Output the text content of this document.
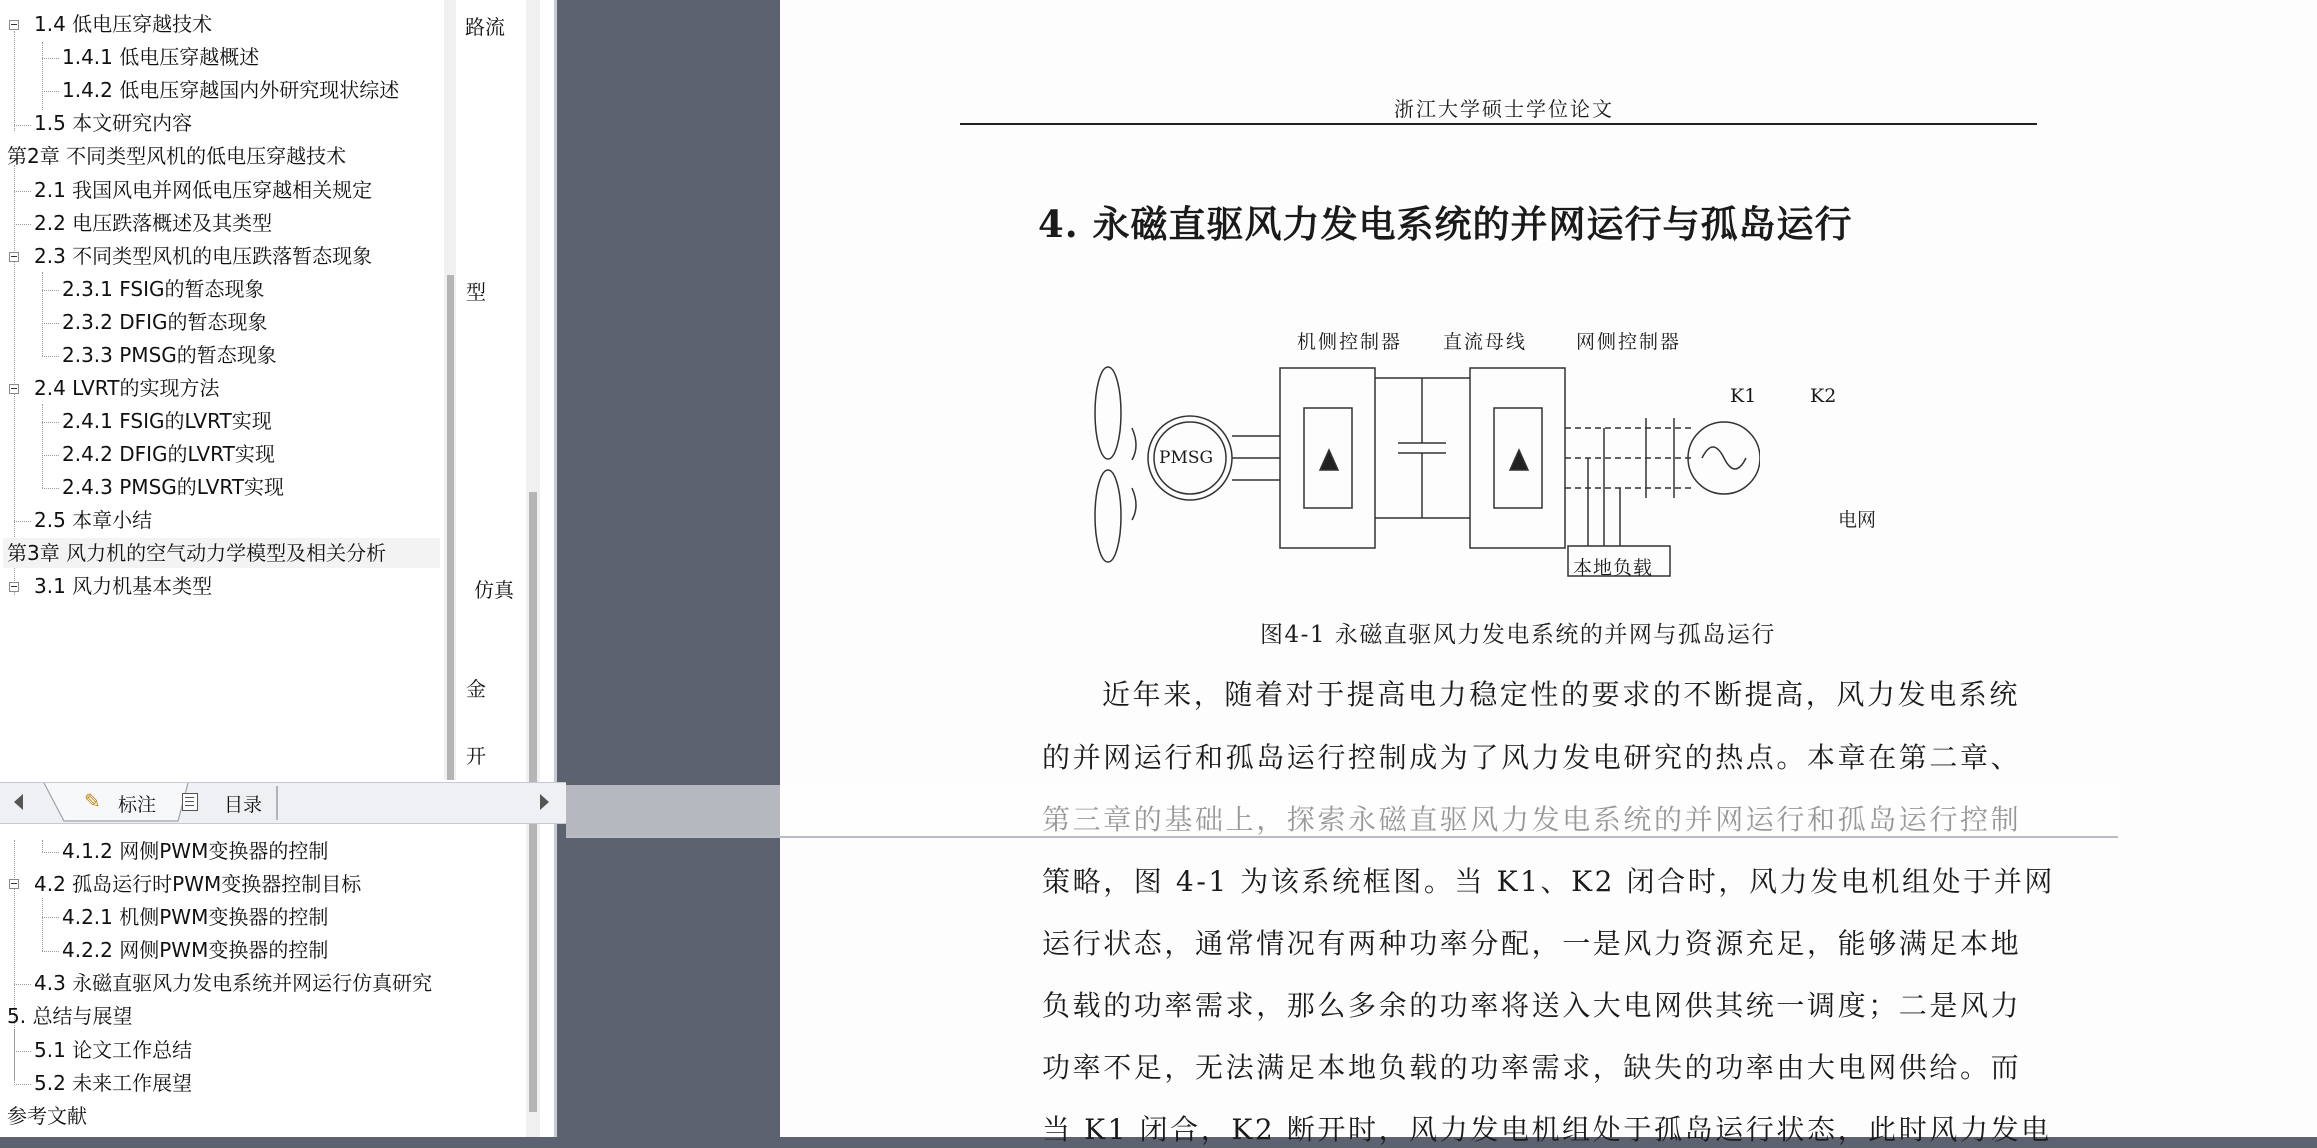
路流
型
仿真
金
开
1.4 低电压穿越技术
1.4.1 低电压穿越概述
1.4.2 低电压穿越国内外研究现状综述
1.5 本文研究内容
第2章 不同类型风机的低电压穿越技术
2.1 我国风电并网低电压穿越相关规定
2.2 电压跌落概述及其类型
2.3 不同类型风机的电压跌落暂态现象
2.3.1 FSIG的暂态现象
2.3.2 DFIG的暂态现象
2.3.3 PMSG的暂态现象
2.4 LVRT的实现方法
2.4.1 FSIG的LVRT实现
2.4.2 DFIG的LVRT实现
2.4.3 PMSG的LVRT实现
2.5 本章小结
第3章 风力机的空气动力学模型及相关分析
3.1 风力机基本类型
4.1.2 网侧PWM变换器的控制
4.2 孤岛运行时PWM变换器控制目标
4.2.1 机侧PWM变换器的控制
4.2.2 网侧PWM变换器的控制
4.3 永磁直驱风力发电系统并网运行仿真研究
5. 总结与展望
5.1 论文工作总结
5.2 未来工作展望
参考文献
浙江大学硕士学位论文
4. 永磁直驱风力发电系统的并网运行与孤岛运行
机侧控制器 直流母线	网侧控制器
K1	K2
PMSG
电网
本地负载
图4-1 永磁直驱风力发电系统的并网与孤岛运行
近年来，随着对于提高电力稳定性的要求的不断提高，风力发电系统
的并网运行和孤岛运行控制成为了风力发电研究的热点。本章在第二章、
策略，图 4-1 为该系统框图。当 K1、K2 闭合时，风力发电机组处于并网
运行状态，通常情况有两种功率分配，一是风力资源充足，能够满足本地
负载的功率需求，那么多余的功率将送入大电网供其统一调度；二是风力
功率不足，无法满足本地负载的功率需求，缺失的功率由大电网供给。而
当 K1 闭合，K2 断开时，风力发电机组处于孤岛运行状态，此时风力发电
✎ 标注	目录
